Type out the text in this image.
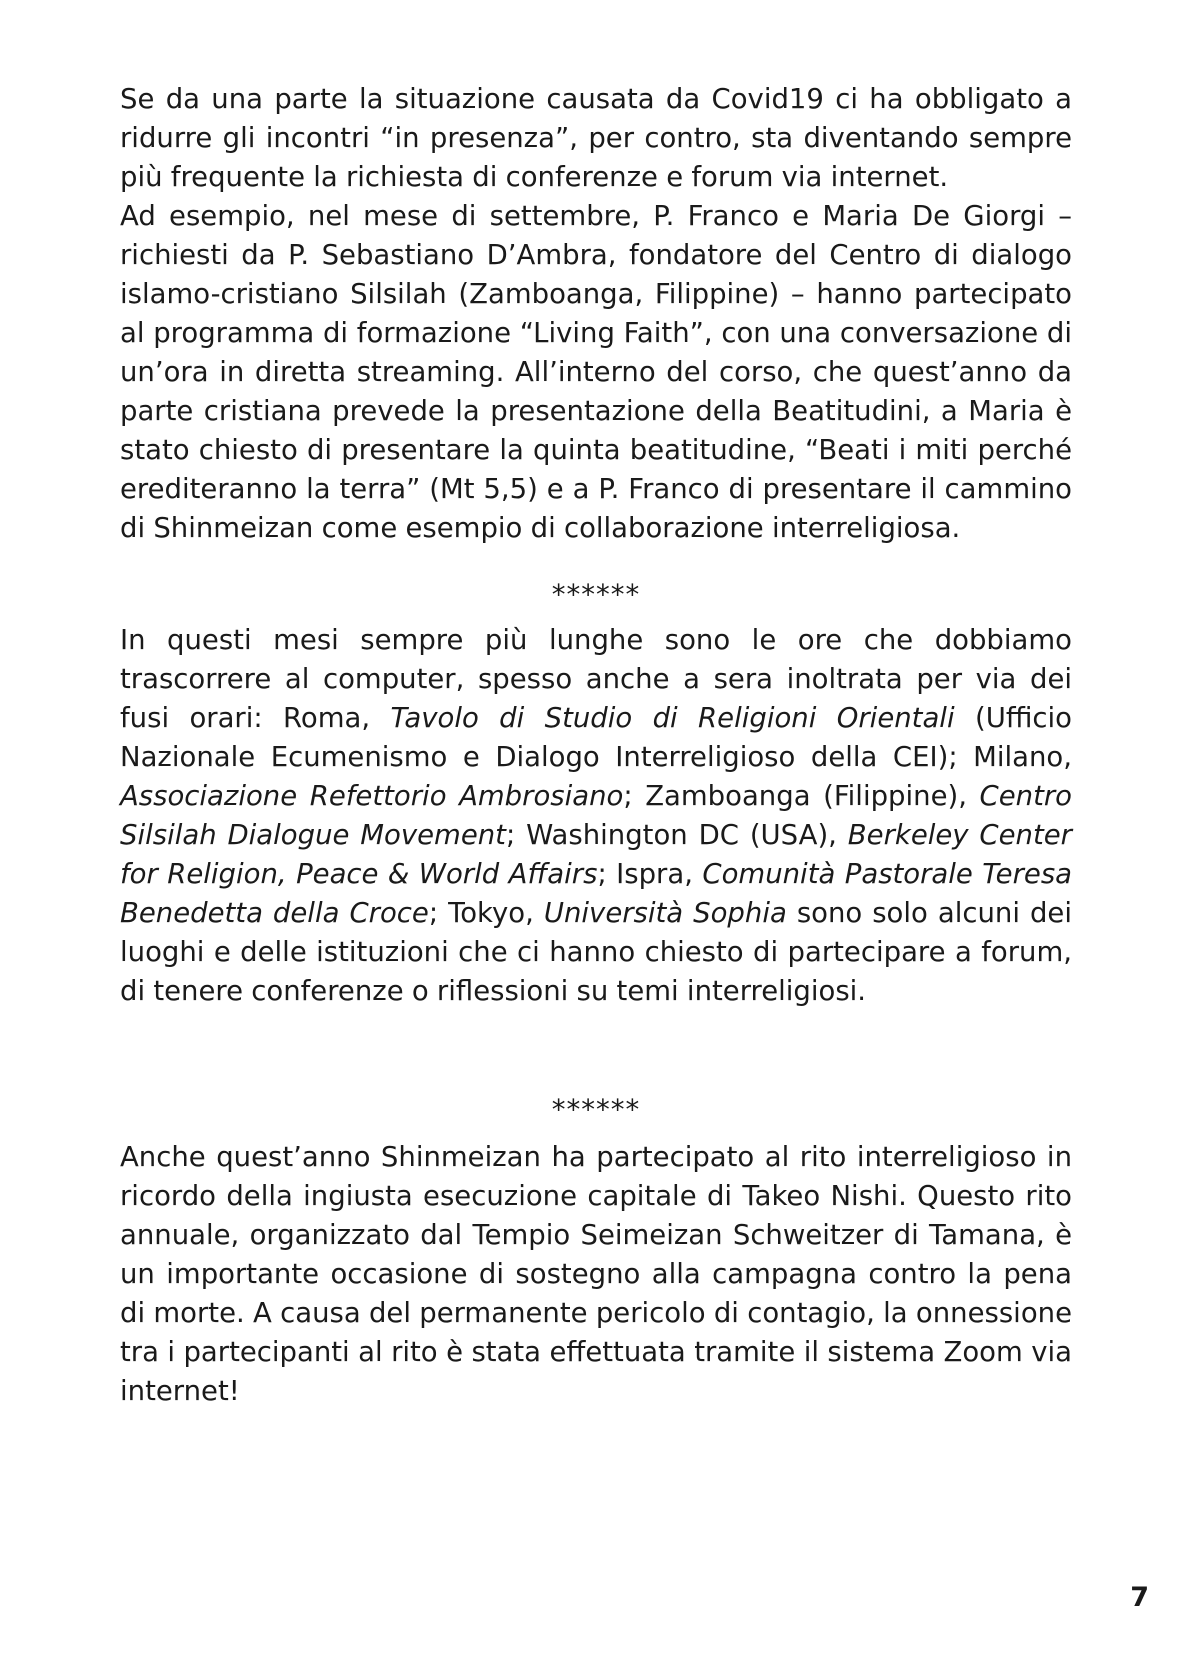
Se da una parte la situazione causata da Covid19 ci ha obbligato a ridurre gli incontri “in presenza”, per contro, sta diventando sempre più frequente la richiesta di conferenze e forum via internet.

Ad esempio, nel mese di settembre, P. Franco e Maria De Giorgi – richiesti da P. Sebastiano D’Ambra, fondatore del Centro di dialogo islamo-cristiano Silsilah (Zamboanga, Filippine) – hanno partecipato al programma di formazione “Living Faith”, con una conversazione di un’ora in diretta streaming. All’interno del corso, che quest’anno da parte cristiana prevede la presentazione della Beatitudini, a Maria è stato chiesto di presentare la quinta beatitudine, “Beati i miti perché erediteranno la terra” (Mt 5,5) e a P. Franco di presentare il cammino di Shinmeizan come esempio di collaborazione interreligiosa.

******

In questi mesi sempre più lunghe sono le ore che dobbiamo trascorrere al computer, spesso anche a sera inoltrata per via dei fusi orari: Roma, Tavolo di Studio di Religioni Orientali (Ufficio Nazionale Ecumenismo e Dialogo Interreligioso della CEI); Milano, Associazione Refettorio Ambrosiano; Zamboanga (Filippine), Centro Silsilah Dialogue Movement; Washington DC (USA), Berkeley Center for Religion, Peace & World Affairs; Ispra, Comunità Pastorale Teresa Benedetta della Croce; Tokyo, Università Sophia sono solo alcuni dei luoghi e delle istituzioni che ci hanno chiesto di partecipare a forum, di tenere conferenze o riflessioni su temi interreligiosi.

******

Anche quest’anno Shinmeizan ha partecipato al rito interreligioso in ricordo della ingiusta esecuzione capitale di Takeo Nishi. Questo rito annuale, organizzato dal Tempio Seimeizan Schweitzer di Tamana, è un importante occasione di sostegno alla campagna contro la pena di morte. A causa del permanente pericolo di contagio, la onnessione tra i partecipanti al rito è stata effettuata tramite il sistema Zoom via internet!

7
